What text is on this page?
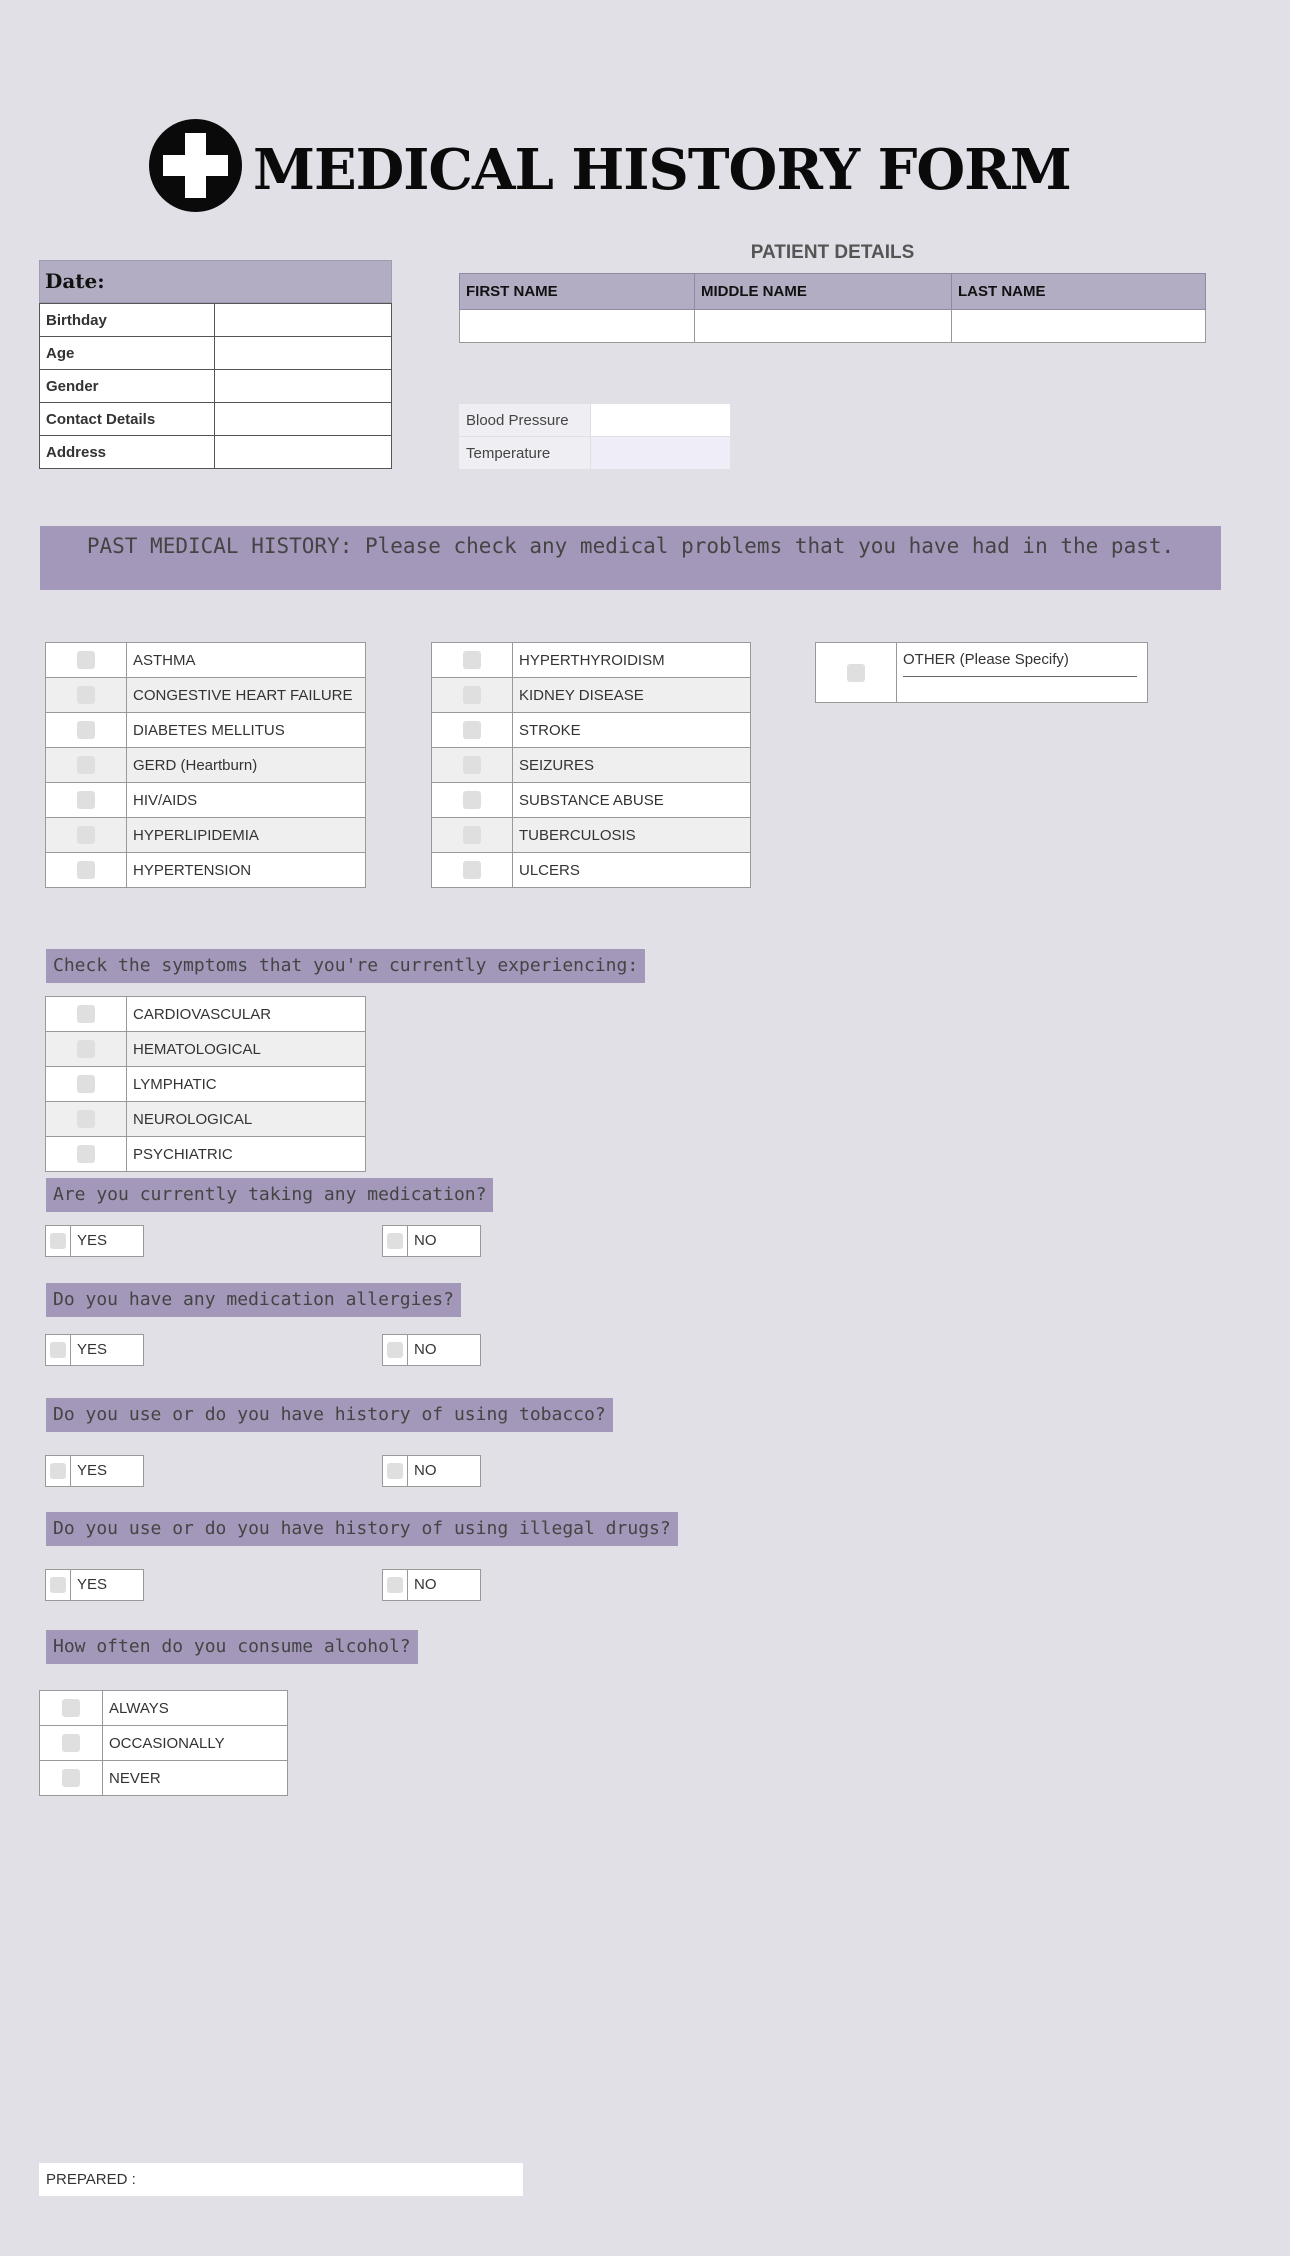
MEDICAL HISTORY FORM
Date:
Birthday	
Age	
Gender	
Contact Details	
Address	
PATIENT DETAILS
FIRST NAME	MIDDLE NAME	LAST NAME

Blood Pressure	
Temperature	
PAST MEDICAL HISTORY: Please check any medical problems that you have had in the past.
	ASTHMA
	CONGESTIVE HEART FAILURE
	DIABETES MELLITUS
	GERD (Heartburn)
	HIV/AIDS
	HYPERLIPIDEMIA
	HYPERTENSION
	HYPERTHYROIDISM
	KIDNEY DISEASE
	STROKE
	SEIZURES
	SUBSTANCE ABUSE
	TUBERCULOSIS
	ULCERS

OTHER (Please Specify)
Check the symptoms that you're currently experiencing:
	CARDIOVASCULAR
	HEMATOLOGICAL
	LYMPHATIC
	NEUROLOGICAL
	PSYCHIATRIC
Are you currently taking any medication?
YES	NO
Do you have any medication allergies?
YES	NO
Do you use or do you have history of using tobacco?
YES	NO
Do you use or do you have history of using illegal drugs?
YES	NO
How often do you consume alcohol?
	ALWAYS
	OCCASIONALLY
	NEVER
PREPARED :
